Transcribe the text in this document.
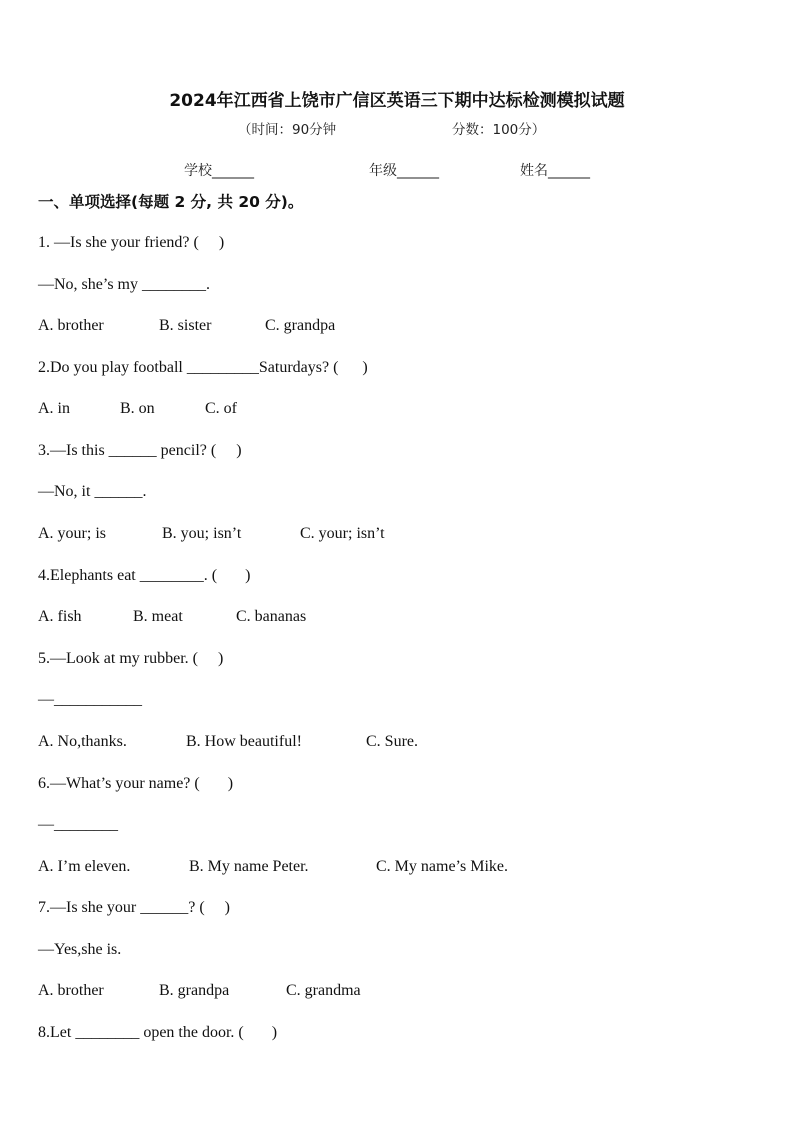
2024年江西省上饶市广信区英语三下期中达标检测模拟试题
（时间：90分钟	分数：100分）
学校______	年级______	姓名______
一、单项选择(每题 2 分, 共 20 分)。
1. —Is she your friend? (     )
—No, she’s my ________.

A. brother

	B. sister

	C. grandpa

2.Do you play football _________Saturdays? (      )

A. in

	B. on

	C. of

3.—Is this ______ pencil? (     )
—No, it ______.

A. your; is

	B. you; isn’t

	C. your; isn’t

4.Elephants eat ________. (       )

A. fish

	B. meat

	C. bananas

5.—Look at my rubber. (     )
—___________

A. No,thanks.

	B. How beautiful!

	C. Sure.

6.—What’s your name? (       )
—________

A. I’m eleven.

	B. My name Peter.

	C. My name’s Mike.

7.—Is she your ______? (     )
—Yes,she is.

A. brother

	B. grandpa

	C. grandma

8.Let ________ open the door. (       )
